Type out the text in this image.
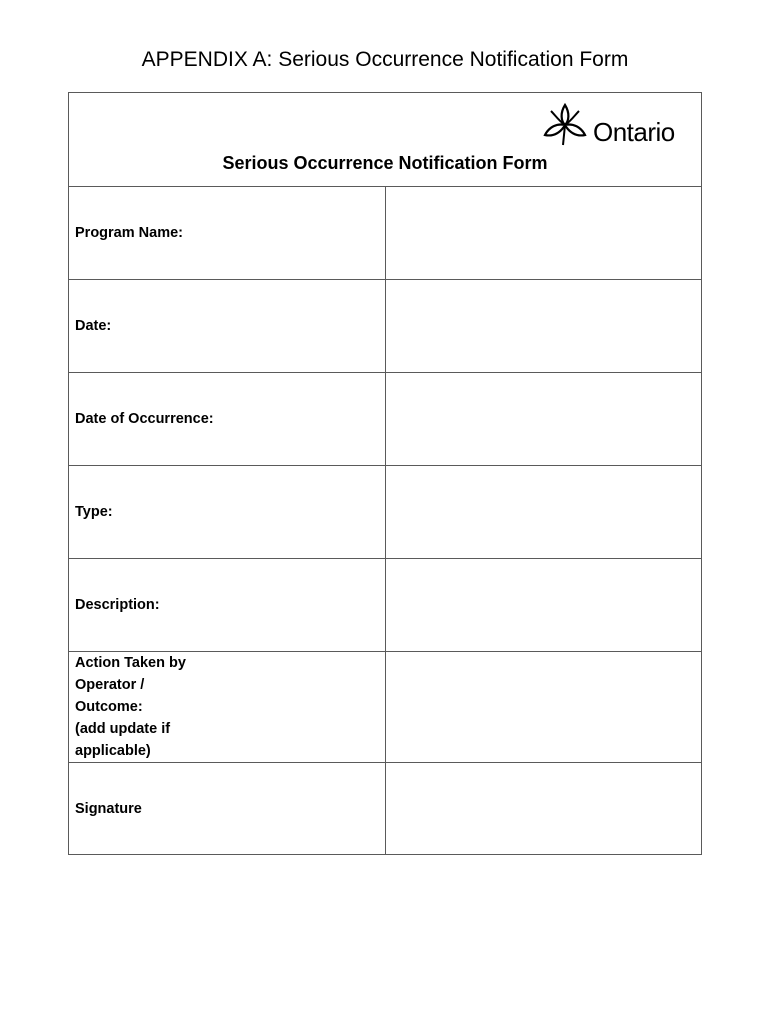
APPENDIX A: Serious Occurrence Notification Form
Ontario
Serious Occurrence Notification Form	

Program Name:	
Date:	
Date of Occurrence:	
Type:	
Description:	

Action Taken by
Operator /
Outcome:
(add update if
applicable)	

Signature	
